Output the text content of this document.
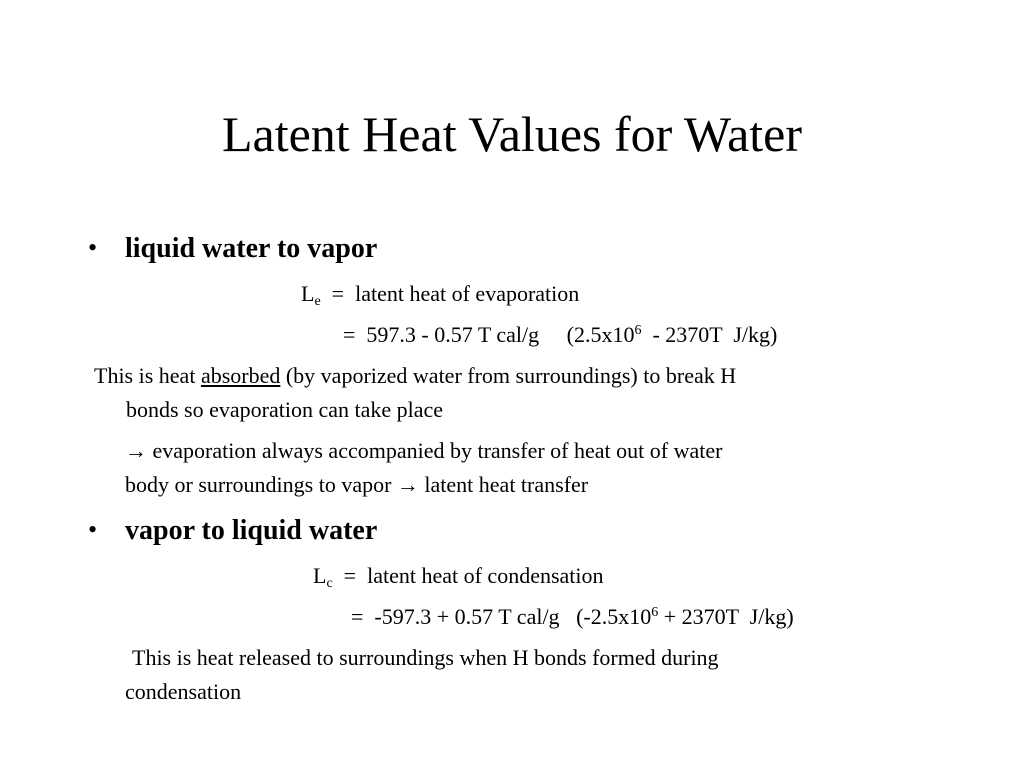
Latent Heat Values for Water
• liquid water to vapor
$L_e$ = latent heat of evaporation
= 597.3 - 0.57 T cal/g ($2.5x10^6 - 2370T$  J/kg)
This is heat absorbed (by vaporized water from surroundings) to break H
bonds so evaporation can take place
→ evaporation always accompanied by transfer of heat out of water
body or surroundings to vapor → latent heat transfer
• vapor to liquid water
$L_c$ = latent heat of condensation
= -597.3 + 0.57 T cal/g ($-2.5x10^6 + 2370T$  J/kg)
This is heat released to surroundings when H bonds formed during
condensation
